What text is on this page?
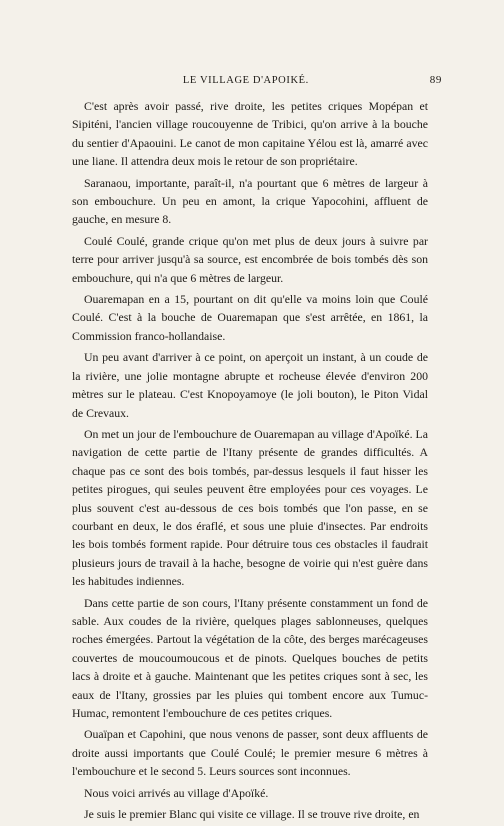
LE VILLAGE D'APOIKÉ.	89

C'est après avoir passé, rive droite, les petites criques Mopépan et Sipiténi, l'ancien village roucouyenne de Tribici, qu'on arrive à la bouche du sentier d'Apaouini. Le canot de mon capitaine Yélou est là, amarré avec une liane. Il attendra deux mois le retour de son propriétaire.

Saranaou, importante, paraît-il, n'a pourtant que 6 mètres de largeur à son embouchure. Un peu en amont, la crique Yapocohini, affluent de gauche, en mesure 8.

Coulé Coulé, grande crique qu'on met plus de deux jours à suivre par terre pour arriver jusqu'à sa source, est encombrée de bois tombés dès son embouchure, qui n'a que 6 mètres de largeur.

Ouaremapan en a 15, pourtant on dit qu'elle va moins loin que Coulé Coulé. C'est à la bouche de Ouaremapan que s'est arrêtée, en 1861, la Commission franco-hollandaise.

Un peu avant d'arriver à ce point, on aperçoit un instant, à un coude de la rivière, une jolie montagne abrupte et rocheuse élevée d'environ 200 mètres sur le plateau. C'est Knopoyamoye (le joli bouton), le Piton Vidal de Crevaux.

On met un jour de l'embouchure de Ouaremapan au village d'Apoïké. La navigation de cette partie de l'Itany présente de grandes difficultés. A chaque pas ce sont des bois tombés, par-dessus lesquels il faut hisser les petites pirogues, qui seules peuvent être employées pour ces voyages. Le plus souvent c'est au-dessous de ces bois tombés que l'on passe, en se courbant en deux, le dos éraflé, et sous une pluie d'insectes. Par endroits les bois tombés forment rapide. Pour détruire tous ces obstacles il faudrait plusieurs jours de travail à la hache, besogne de voirie qui n'est guère dans les habitudes indiennes.

Dans cette partie de son cours, l'Itany présente constamment un fond de sable. Aux coudes de la rivière, quelques plages sablonneuses, quelques roches émergées. Partout la végétation de la côte, des berges marécageuses couvertes de moucoumoucous et de pinots. Quelques bouches de petits lacs à droite et à gauche. Maintenant que les petites criques sont à sec, les eaux de l'Itany, grossies par les pluies qui tombent encore aux Tumuc-Humac, remontent l'embouchure de ces petites criques.

Ouaïpan et Capohini, que nous venons de passer, sont deux affluents de droite aussi importants que Coulé Coulé; le premier mesure 6 mètres à l'embouchure et le second 5. Leurs sources sont inconnues.

Nous voici arrivés au village d'Apoïké.

Je suis le premier Blanc qui visite ce village. Il se trouve rive droite, en
